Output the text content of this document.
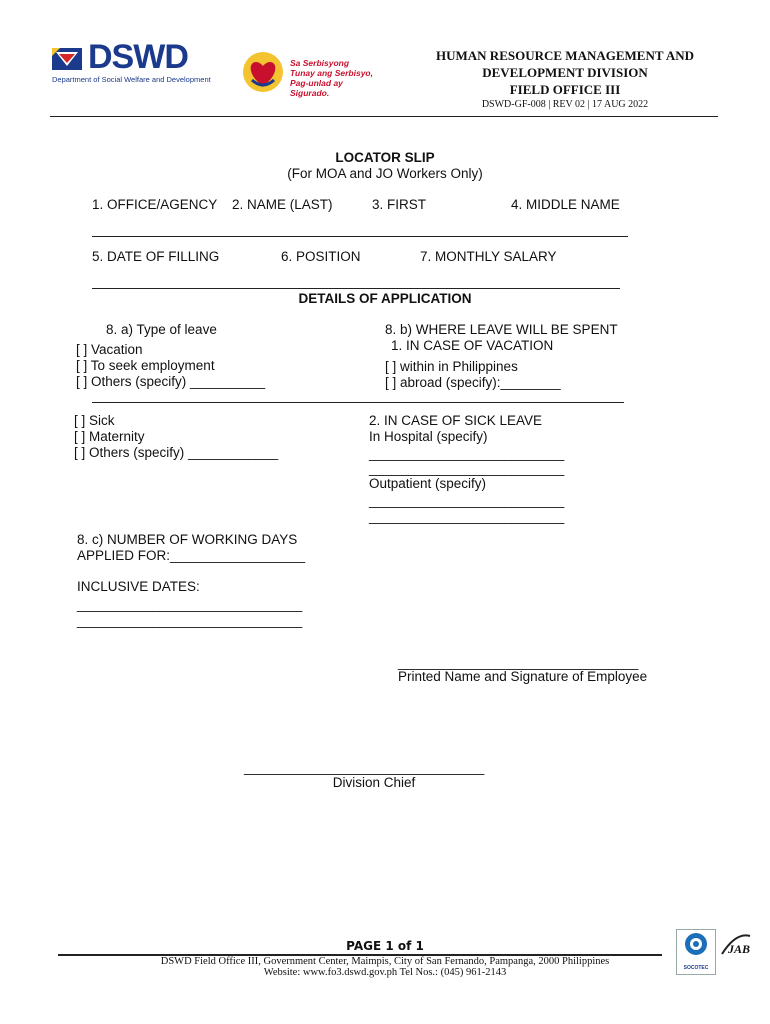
DSWD
Department of Social Welfare and Development
Sa Serbisyong
Tunay ang Serbisyo,
Pag-unlad ay Sigurado.
HUMAN RESOURCE MANAGEMENT AND
DEVELOPMENT DIVISION
FIELD OFFICE III
DSWD-GF-008 | REV 02 | 17 AUG 2022
LOCATOR SLIP
(For MOA and JO Workers Only)
1. OFFICE/AGENCY 2. NAME (LAST)	3. FIRST	4. MIDDLE NAME
5. DATE OF FILLING	6. POSITION	7. MONTHLY SALARY
DETAILS OF APPLICATION
8. a) Type of leave
[ ] Vacation
[ ] To seek employment
[ ] Others (specify) __________
8. b) WHERE LEAVE WILL BE SPENT
1. IN CASE OF VACATION
[ ] within in Philippines
[ ] abroad (specify):________
[ ] Sick
[ ] Maternity
[ ] Others (specify) ____________
2. IN CASE OF SICK LEAVE
In Hospital (specify)
__________________________
__________________________
Outpatient (specify)
__________________________
__________________________
8. c) NUMBER OF WORKING DAYS
APPLIED FOR:__________________
INCLUSIVE DATES:
______________________________
______________________________
________________________________
Printed Name and Signature of Employee
________________________________
Division Chief
PAGE 1 of 1
DSWD Field Office III, Government Center, Maimpis, City of San Fernando, Pampanga, 2000 Philippines
Website: www.fo3.dswd.gov.ph Tel Nos.: (045) 961-2143	SOCOTEC
JAB
